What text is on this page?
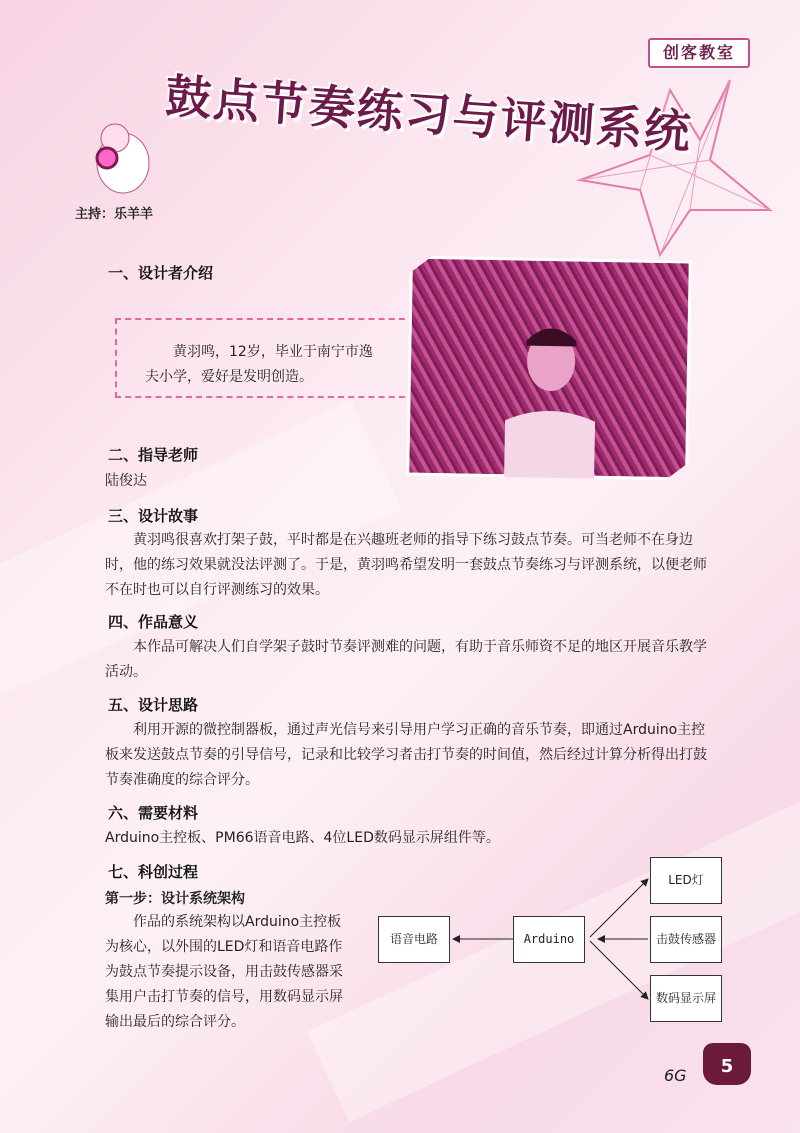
创客教室
鼓点节奏练习与评测系统
主持：乐羊羊
一、设计者介绍

黄羽鸣，12岁，毕业于南宁市逸夫小学，爱好是发明创造。

二、指导老师

陆俊达

三、设计故事

黄羽鸣很喜欢打架子鼓，平时都是在兴趣班老师的指导下练习鼓点节奏。可当老师不在身边时，他的练习效果就没法评测了。于是，黄羽鸣希望发明一套鼓点节奏练习与评测系统，以便老师不在时也可以自行评测练习的效果。

四、作品意义

本作品可解决人们自学架子鼓时节奏评测难的问题，有助于音乐师资不足的地区开展音乐教学活动。

五、设计思路

利用开源的微控制器板，通过声光信号来引导用户学习正确的音乐节奏，即通过Arduino主控板来发送鼓点节奏的引导信号，记录和比较学习者击打节奏的时间值，然后经过计算分析得出打鼓节奏准确度的综合评分。

六、需要材料

Arduino主控板、PM66语音电路、4位LED数码显示屏组件等。

七、科创过程
第一步：设计系统架构

作品的系统架构以Arduino主控板为核心，以外围的LED灯和语音电路作为鼓点节奏提示设备，用击鼓传感器采集用户击打节奏的信号，用数码显示屏输出最后的综合评分。

语音电路	Arduino
LED灯
击鼓传感器
数码显示屏
6G	5
